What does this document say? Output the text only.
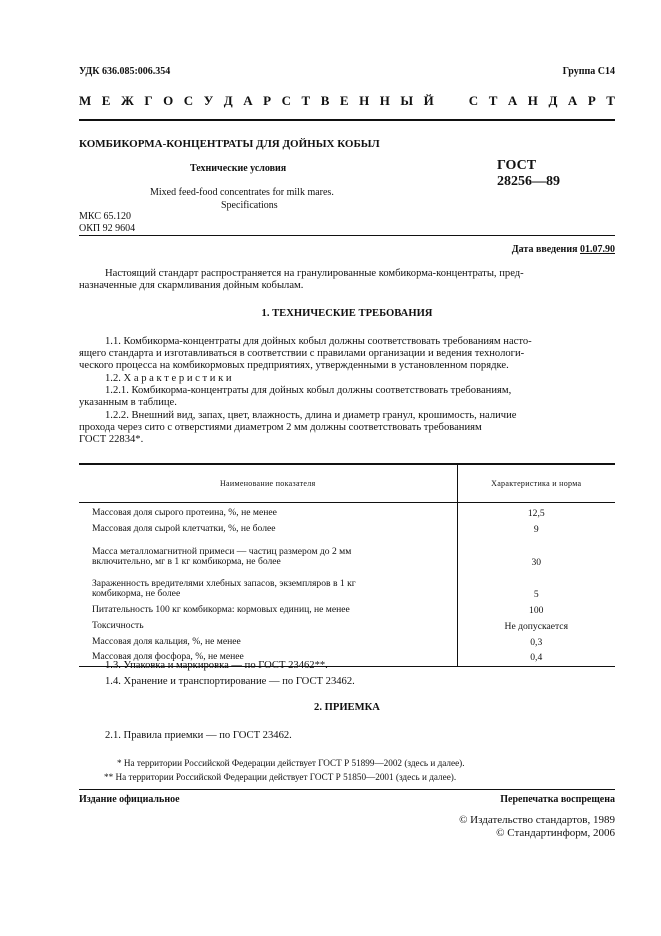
УДК 636.085:006.354	Группа С14
М Е Ж Г О С У Д А Р С Т В Е Н Н Ы Й	С Т А Н Д А Р Т
КОМБИКОРМА-КОНЦЕНТРАТЫ ДЛЯ ДОЙНЫХ КОБЫЛ
Технические условия	ГОСТ
28256—89
Mixed feed-food concentrates for milk mares.
Specifications
МКС 65.120
ОКП 92 9604
Дата введения 01.07.90
Настоящий стандарт распространяется на гранулированные комбикорма-концентраты, пред-
назначенные для скармливания дойным кобылам.
1. ТЕХНИЧЕСКИЕ ТРЕБОВАНИЯ
1.1. Комбикорма-концентраты для дойных кобыл должны соответствовать требованиям насто-
ящего стандарта и изготавливаться в соответствии с правилами организации и ведения технологи-
ческого процесса на комбикормовых предприятиях, утвержденными в установленном порядке.
1.2. Х а р а к т е р и с т и к и
1.2.1. Комбикорма-концентраты для дойных кобыл должны соответствовать требованиям,
указанным в таблице.
1.2.2. Внешний вид, запах, цвет, влажность, длина и диаметр гранул, крошимость, наличие
прохода через сито с отверстиями диаметром 2 мм должны соответствовать требованиям
ГОСТ 22834*.
Наименование показателя	Характеристика и норма
Массовая доля сырого протеина, %, не менее	12,5
Массовая доля сырой клетчатки, %, не более	9

Масса металломагнитной примеси — частиц размером до 2 мм
включительно, мг в 1 кг комбикорма, не более	30

Зараженность вредителями хлебных запасов, экземпляров в 1 кг
комбикорма, не более	5
Питательность 100 кг комбикорма: кормовых единиц, не менее	100
Токсичность	Не допускается
Массовая доля кальция, %, не менее	0,3
Массовая доля фосфора, %, не менее	0,4
1.3. Упаковка и маркировка — по ГОСТ 23462**.
1.4. Хранение и транспортирование — по ГОСТ 23462.
2. ПРИЕМКА
2.1. Правила приемки — по ГОСТ 23462.
* На территории Российской Федерации действует ГОСТ Р 51899—2002 (здесь и далее).
** На территории Российской Федерации действует ГОСТ Р 51850—2001 (здесь и далее).
Издание официальное	Перепечатка воспрещена
© Издательство стандартов, 1989
© Стандартинформ, 2006
